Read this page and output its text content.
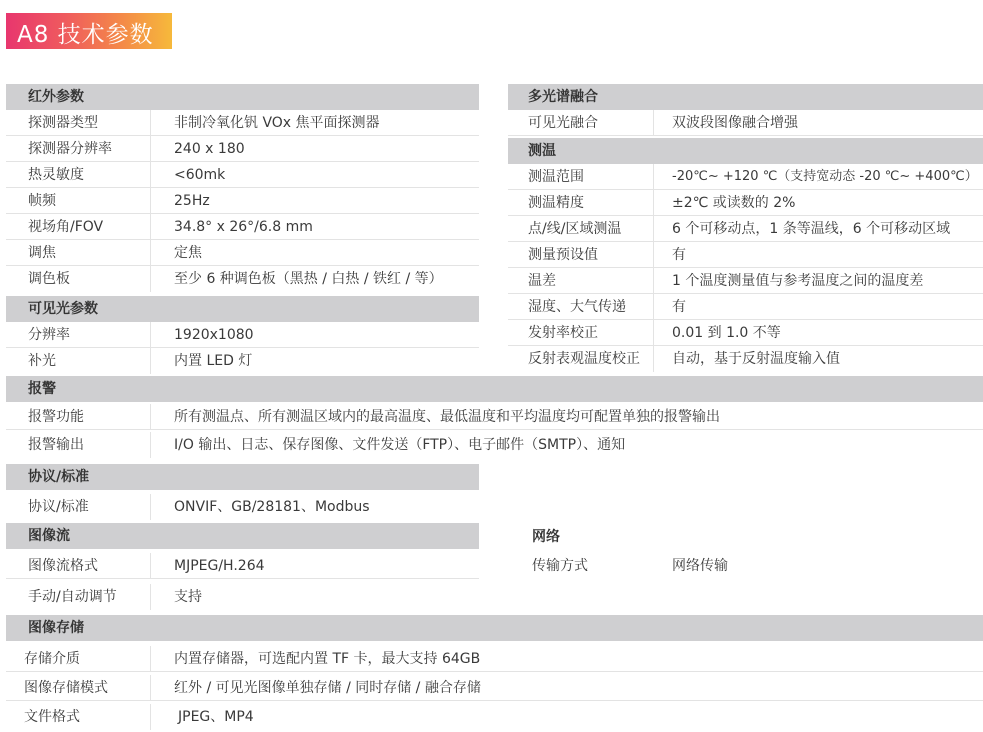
A8 技术参数
红外参数
探测器类型	非制冷氧化钒 VOx 焦平面探测器
探测器分辨率	240 x 180
热灵敏度	<60mk
帧频	25Hz
视场角/FOV	34.8° x 26°/6.8 mm
调焦	定焦
调色板	至少 6 种调色板（黑热 / 白热 / 铁红 / 等）
可见光参数
分辨率	1920x1080
补光	内置 LED 灯
多光谱融合
可见光融合	双波段图像融合增强
测温
测温范围	-20℃~ +120 ℃（支持宽动态 -20 ℃~ +400℃）
测温精度	±2℃ 或读数的 2%
点/线/区域测温	6 个可移动点，1 条等温线，6 个可移动区域
测量预设值	有
温差	1 个温度测量值与参考温度之间的温度差
湿度、大气传递	有
发射率校正	0.01 到 1.0 不等
反射表观温度校正	自动，基于反射温度输入值
报警
报警功能	所有测温点、所有测温区域内的最高温度、最低温度和平均温度均可配置单独的报警输出
报警输出	I/O 输出、日志、保存图像、文件发送（FTP）、电子邮件（SMTP）、通知
协议/标准
协议/标准	ONVIF、GB/28181、Modbus
图像流
图像流格式	MJPEG/H.264
手动/自动调节	支持
网络
传输方式	网络传输
图像存储
存储介质	内置存储器，可选配内置 TF 卡，最大支持 64GB
图像存储模式	红外 / 可见光图像单独存储 / 同时存储 / 融合存储
文件格式	JPEG、MP4
